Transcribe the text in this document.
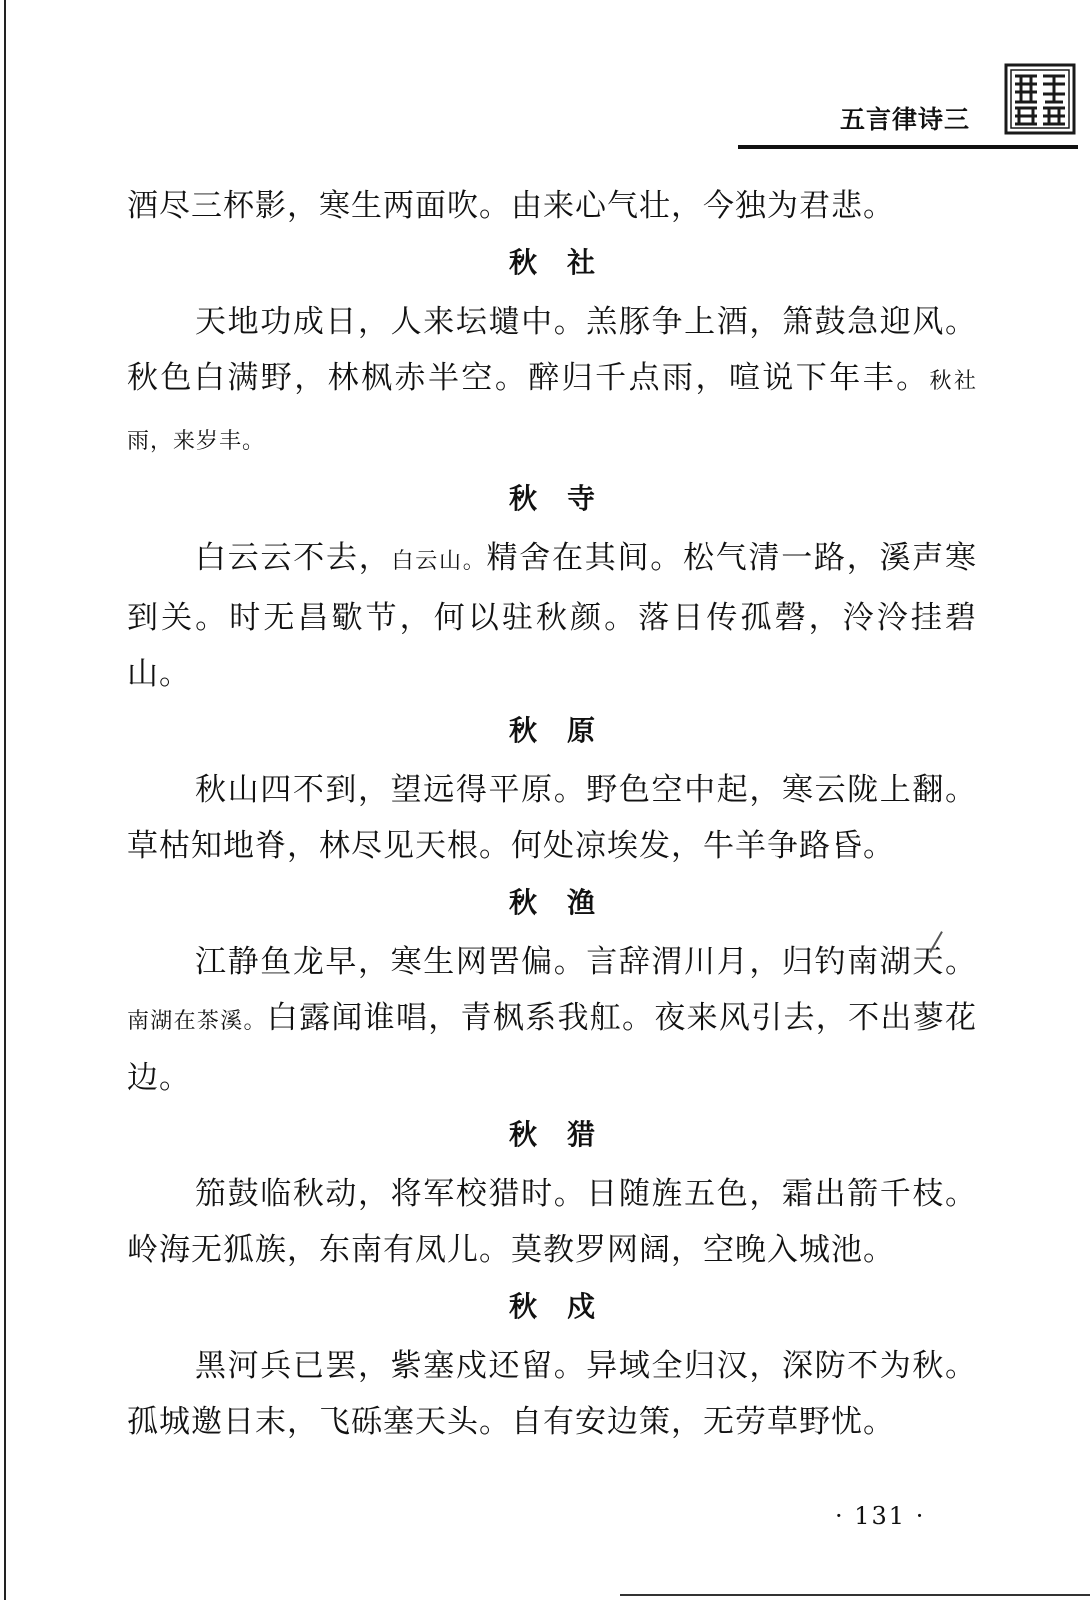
五言律诗三

酒尽三杯影，寒生两面吹。由来心气壮，今独为君悲。

秋 社

天地功成日，人来坛壝中。羔豚争上酒，箫鼓急迎风。秋色白满野，林枫赤半空。醉归千点雨，喧说下年丰。秋社雨，来岁丰。

秋 寺

白云云不去，白云山。精舍在其间。松气清一路，溪声寒到关。时无昌歜节，何以驻秋颜。落日传孤磬，泠泠挂碧山。

秋 原

秋山四不到，望远得平原。野色空中起，寒云陇上翻。草枯知地脊，林尽见天根。何处凉埃发，牛羊争路昏。

秋 渔

江静鱼龙早，寒生网罟偏。言辞渭川月，归钓南湖天。南湖在茶溪。白露闻谁唱，青枫系我舡。夜来风引去，不出蓼花边。

秋 猎

笳鼓临秋动，将军校猎时。日随旌五色，霜出箭千枝。岭海无狐族，东南有凤儿。莫教罗网阔，空晚入城池。

秋 戍

黑河兵已罢，紫塞戍还留。异域全归汉，深防不为秋。孤城邀日末，飞砾塞天头。自有安边策，无劳草野忧。

· 131 ·
